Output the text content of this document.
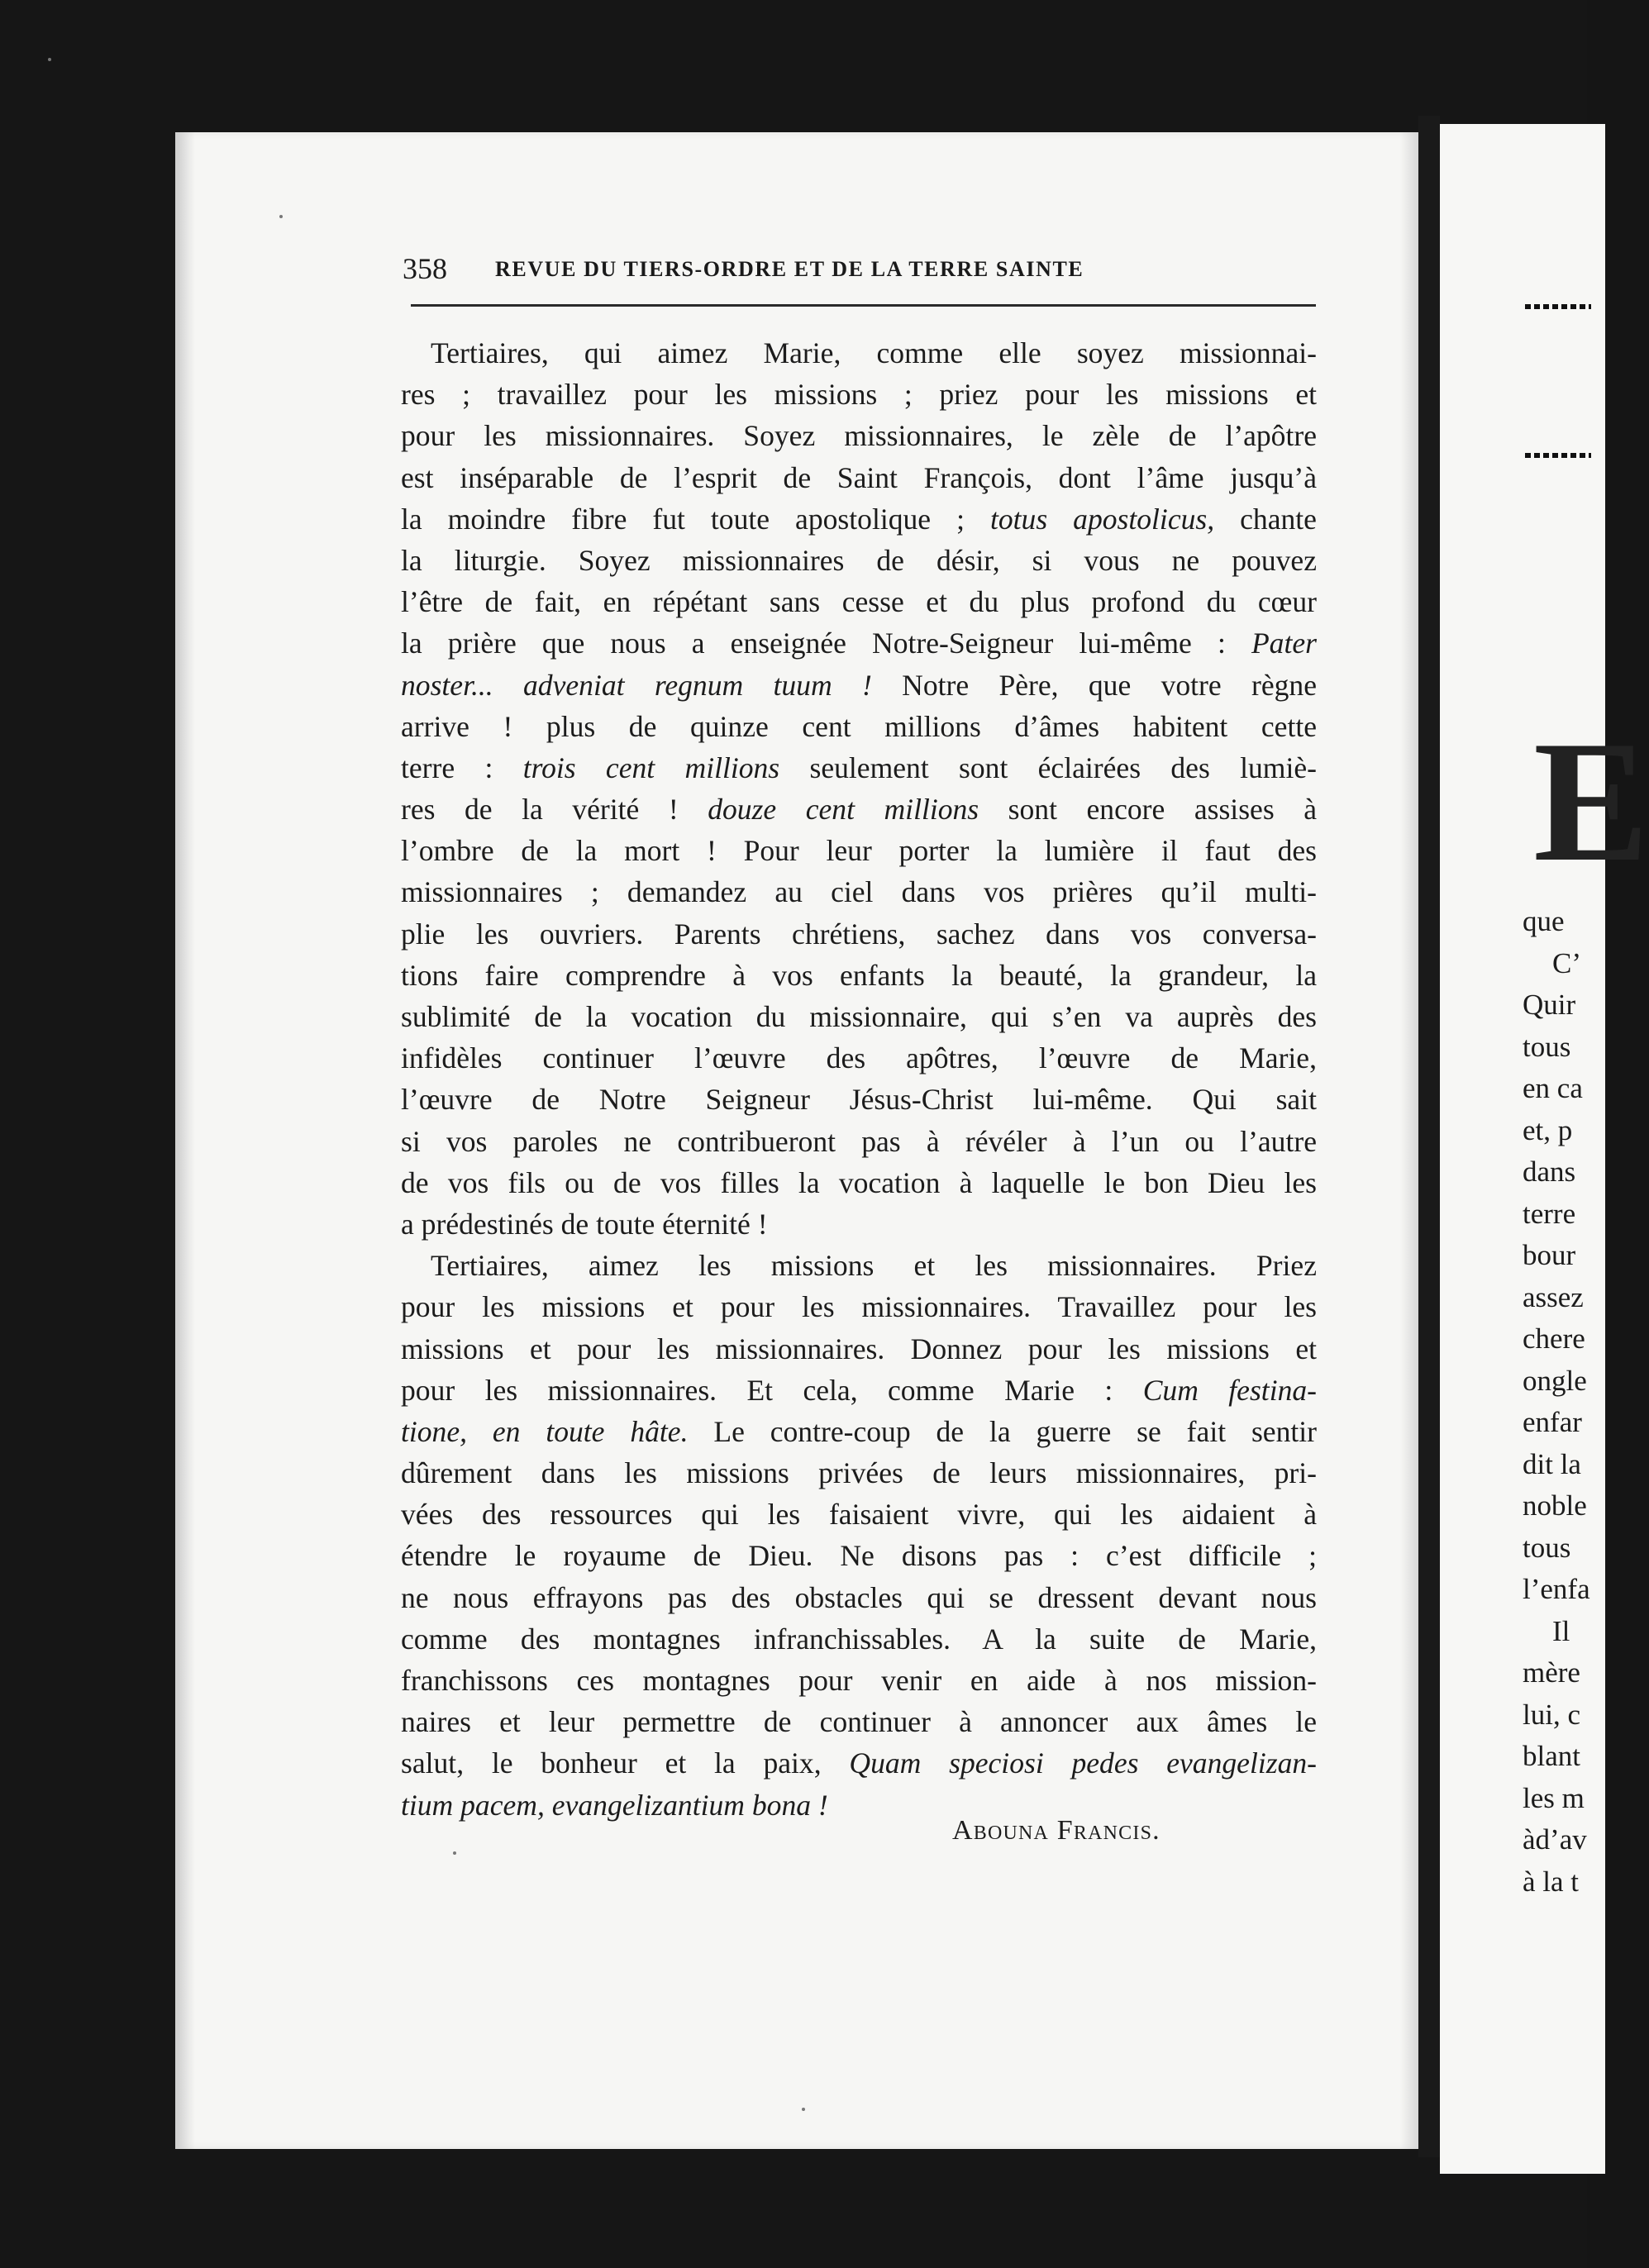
358 REVUE DU TIERS-ORDRE ET DE LA TERRE SAINTE
Tertiaires, qui aimez Marie, comme elle soyez missionnai-
res ; travaillez pour les missions ; priez pour les missions et
pour les missionnaires. Soyez missionnaires, le zèle de l’apôtre
est inséparable de l’esprit de Saint François, dont l’âme jusqu’à
la moindre fibre fut toute apostolique ; totus apostolicus, chante
la liturgie. Soyez missionnaires de désir, si vous ne pouvez
l’être de fait, en répétant sans cesse et du plus profond du cœur
la prière que nous a enseignée Notre-Seigneur lui-même : Pater
noster... adveniat regnum tuum ! Notre Père, que votre règne
arrive ! plus de quinze cent millions d’âmes habitent cette
terre : trois cent millions seulement sont éclairées des lumiè-
res de la vérité ! douze cent millions sont encore assises à
l’ombre de la mort ! Pour leur porter la lumière il faut des
missionnaires ; demandez au ciel dans vos prières qu’il multi-
plie les ouvriers. Parents chrétiens, sachez dans vos conversa-
tions faire comprendre à vos enfants la beauté, la grandeur, la
sublimité de la vocation du missionnaire, qui s’en va auprès des
infidèles continuer l’œuvre des apôtres, l’œuvre de Marie,
l’œuvre de Notre Seigneur Jésus-Christ lui-même. Qui sait
si vos paroles ne contribueront pas à révéler à l’un ou l’autre
de vos fils ou de vos filles la vocation à laquelle le bon Dieu les
a prédestinés de toute éternité !
Tertiaires, aimez les missions et les missionnaires. Priez
pour les missions et pour les missionnaires. Travaillez pour les
missions et pour les missionnaires. Donnez pour les missions et
pour les missionnaires. Et cela, comme Marie : Cum festina-
tione, en toute hâte. Le contre-coup de la guerre se fait sentir
dûrement dans les missions privées de leurs missionnaires, pri-
vées des ressources qui les faisaient vivre, qui les aidaient à
étendre le royaume de Dieu. Ne disons pas : c’est difficile ;
ne nous effrayons pas des obstacles qui se dressent devant nous
comme des montagnes infranchissables. A la suite de Marie,
franchissons ces montagnes pour venir en aide à nos mission-
naires et leur permettre de continuer à annoncer aux âmes le
salut, le bonheur et la paix, Quam speciosi pedes evangelizan-
tium pacem, evangelizantium bona !
Abouna Francis.
E
que
C’
Quir
tous
en ca
et, p
dans
terre
bour
assez
chere
ongle
enfar
dit la
noble
tous
l’enfa
Il
mère
lui, c
blant
les m
àd’av
à la t
